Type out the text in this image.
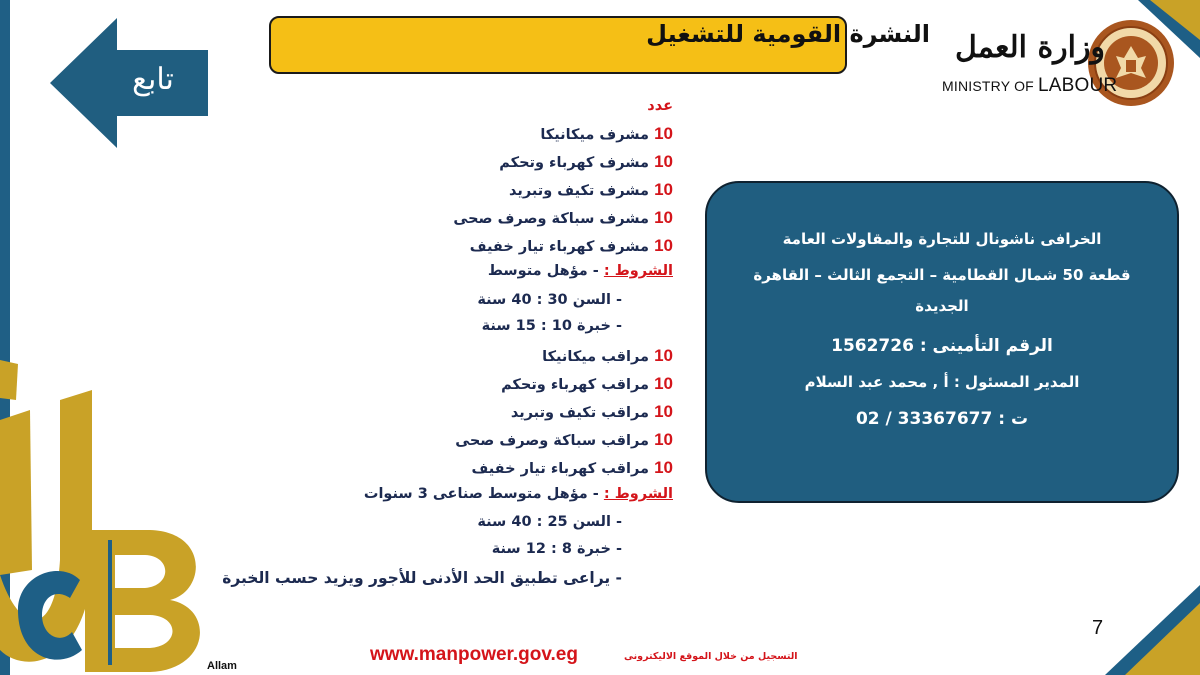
النشرة القومية للتشغيل
تابع
وزارة العمل
MINISTRY OF LABOUR
عدد
10 مشرف ميكانيكا
10 مشرف كهرباء وتحكم
10 مشرف تكيف وتبريد
10 مشرف سباكة وصرف صحى
10 مشرف كهرباء تيار خفيف
الشروط : - مؤهل متوسط
- السن 30 : 40 سنة
- خبرة 10 : 15 سنة
10 مراقب ميكانيكا
10 مراقب كهرباء وتحكم
10 مراقب تكيف وتبريد
10 مراقب سباكة وصرف صحى
10 مراقب كهرباء تيار خفيف
الشروط : - مؤهل متوسط صناعى 3 سنوات
- السن 25 : 40 سنة
- خبرة 8 : 12 سنة
- يراعى تطبيق الحد الأدنى للأجور ويزيد حسب الخبرة
الخرافى ناشونال للتجارة والمقاولات العامة
قطعة 50 شمال القطامية – التجمع الثالث – القاهرة
الجديدة
الرقم التأمينى : 1562726
المدير المسئول : أ , محمد عبد السلام
ت : 33367677 / 02
7
Allam
www.manpower.gov.eg	التسجيل من خلال الموقع الاليكترونى
